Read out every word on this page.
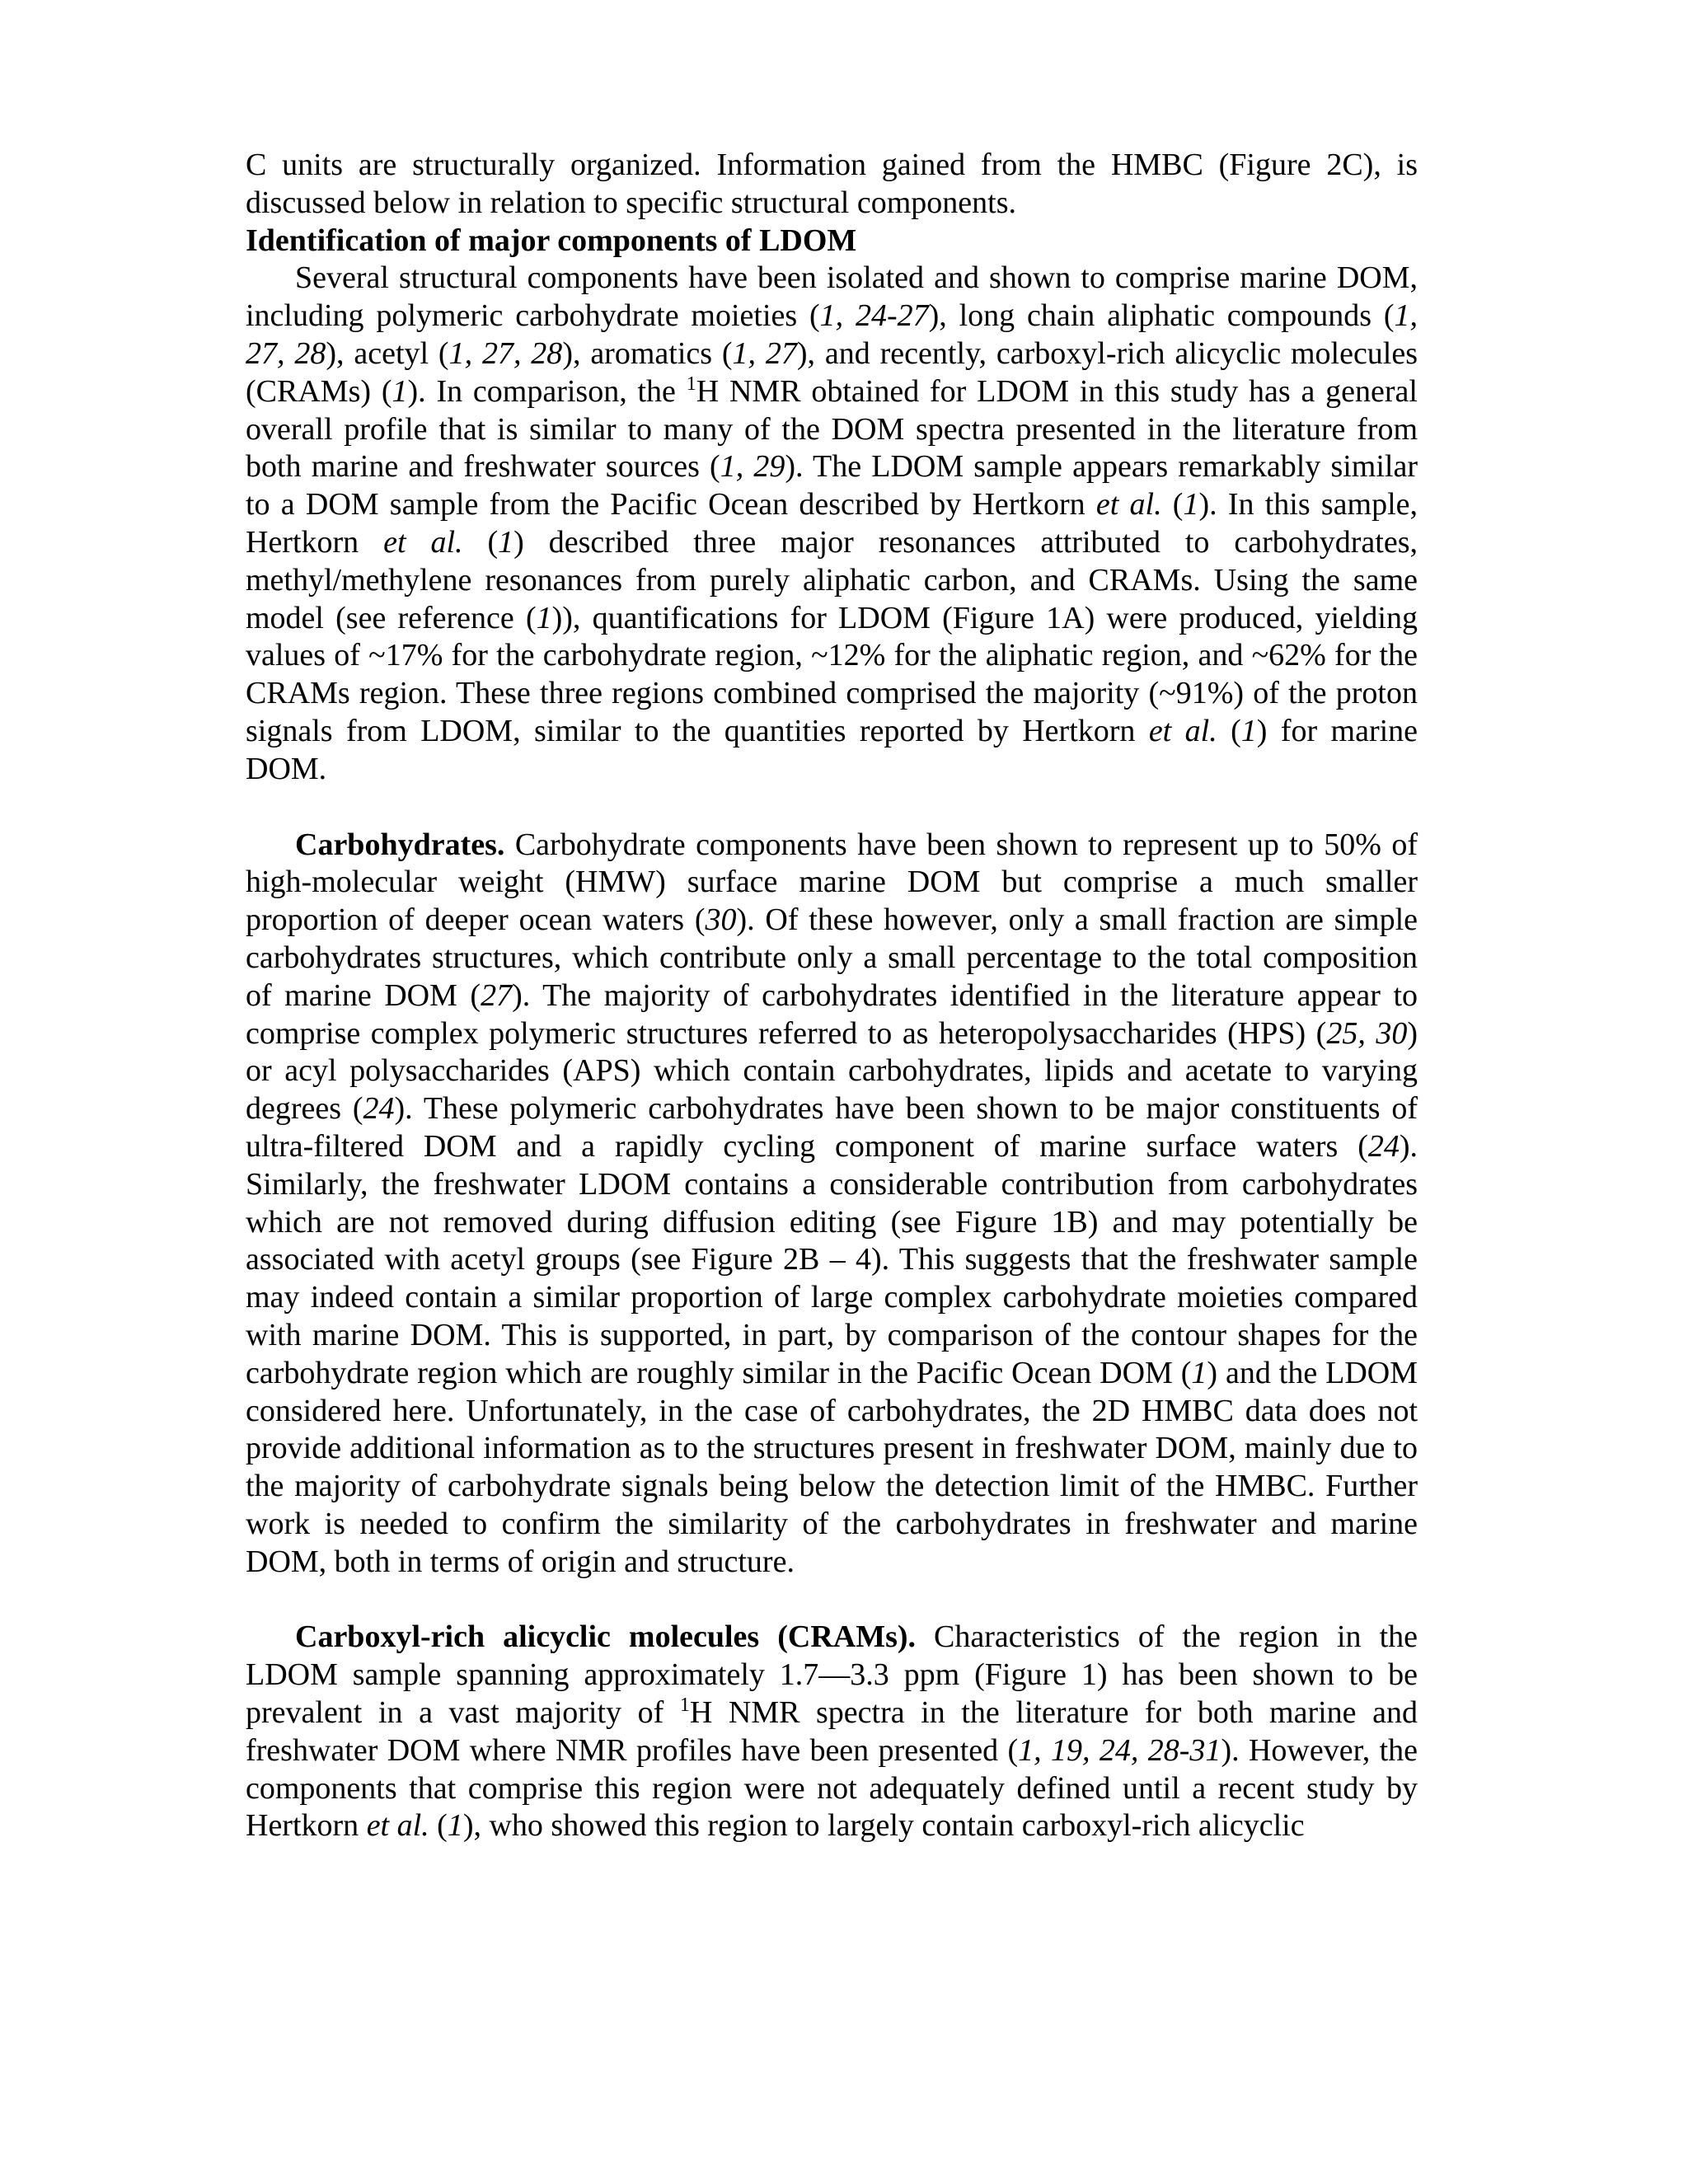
C units are structurally organized. Information gained from the HMBC (Figure 2C), is discussed below in relation to specific structural components.

Identification of major components of LDOM

Several structural components have been isolated and shown to comprise marine DOM, including polymeric carbohydrate moieties (1, 24-27), long chain aliphatic compounds (1, 27, 28), acetyl (1, 27, 28), aromatics (1, 27), and recently, carboxyl-rich alicyclic molecules (CRAMs) (1). In comparison, the $^1$H NMR obtained for LDOM in this study has a general overall profile that is similar to many of the DOM spectra presented in the literature from both marine and freshwater sources (1, 29). The LDOM sample appears remarkably similar to a DOM sample from the Pacific Ocean described by Hertkorn et al. (1). In this sample, Hertkorn et al. (1) described three major resonances attributed to carbohydrates, methyl/methylene resonances from purely aliphatic carbon, and CRAMs. Using the same model (see reference (1)), quantifications for LDOM (Figure 1A) were produced, yielding values of ~17% for the carbohydrate region, ~12% for the aliphatic region, and ~62% for the CRAMs region. These three regions combined comprised the majority (~91%) of the proton signals from LDOM, similar to the quantities reported by Hertkorn et al. (1) for marine DOM.

Carbohydrates. Carbohydrate components have been shown to represent up to 50% of high-molecular weight (HMW) surface marine DOM but comprise a much smaller proportion of deeper ocean waters (30). Of these however, only a small fraction are simple carbohydrates structures, which contribute only a small percentage to the total composition of marine DOM (27). The majority of carbohydrates identified in the literature appear to comprise complex polymeric structures referred to as heteropolysaccharides (HPS) (25, 30) or acyl polysaccharides (APS) which contain carbohydrates, lipids and acetate to varying degrees (24). These polymeric carbohydrates have been shown to be major constituents of ultra-filtered DOM and a rapidly cycling component of marine surface waters (24). Similarly, the freshwater LDOM contains a considerable contribution from carbohydrates which are not removed during diffusion editing (see Figure 1B) and may potentially be associated with acetyl groups (see Figure 2B – 4). This suggests that the freshwater sample may indeed contain a similar proportion of large complex carbohydrate moieties compared with marine DOM. This is supported, in part, by comparison of the contour shapes for the carbohydrate region which are roughly similar in the Pacific Ocean DOM (1) and the LDOM considered here. Unfortunately, in the case of carbohydrates, the 2D HMBC data does not provide additional information as to the structures present in freshwater DOM, mainly due to the majority of carbohydrate signals being below the detection limit of the HMBC. Further work is needed to confirm the similarity of the carbohydrates in freshwater and marine DOM, both in terms of origin and structure.

Carboxyl-rich alicyclic molecules (CRAMs). Characteristics of the region in the LDOM sample spanning approximately 1.7—3.3 ppm (Figure 1) has been shown to be prevalent in a vast majority of $^1$H NMR spectra in the literature for both marine and freshwater DOM where NMR profiles have been presented (1, 19, 24, 28-31). However, the components that comprise this region were not adequately defined until a recent study by Hertkorn et al. (1), who showed this region to largely contain carboxyl-rich alicyclic
